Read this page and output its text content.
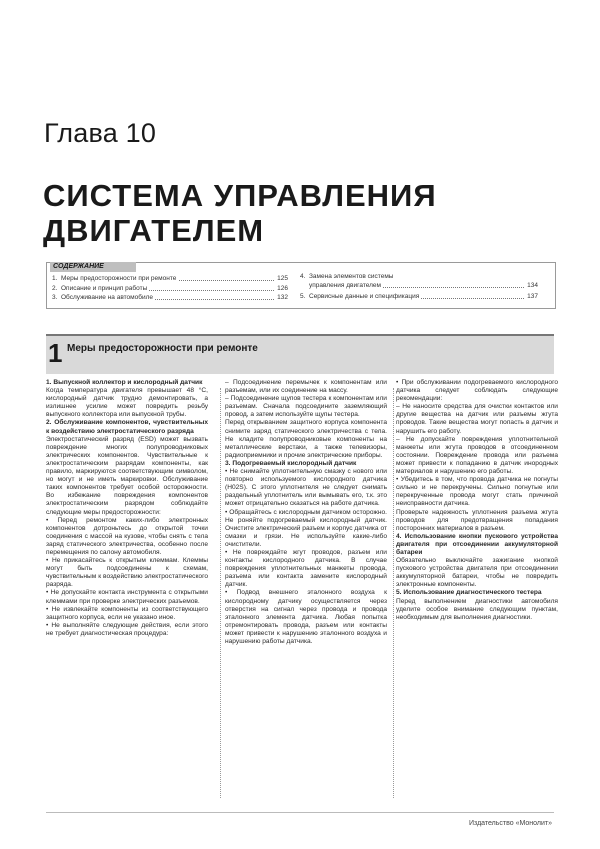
Глава 10
СИСТЕМА УПРАВЛЕНИЯ
ДВИГАТЕЛЕМ
СОДЕРЖАНИЕ
1. Меры предосторожности при ремонте	125
2. Описание и принцип работы	126
3. Обслуживание на автомобиле	132
4. Замена элементов системы
управления двигателем	134
5. Сервисные данные и спецификация	137
1 Меры предосторожности при ремонте

1. Выпускной коллектор и кислородный датчик

Когда температура двигателя превышает 48 °С, кислородный датчик трудно демонтировать, а излишнее усилие может повредить резьбу выпускного коллектора или выпускной трубы.

2. Обслуживание компонентов, чувствительных к воздействию электростатического разряда

Электростатический разряд (ESD) может вызвать повреждение многих полупроводниковых электрических компонентов. Чувствительные к электростатическим разрядам компоненты, как правило, маркируются соответствующим символом, но могут и не иметь маркировки. Обслуживание таких компонентов требует особой осторожности. Во избежание повреждения компонентов электростатическим разрядом соблюдайте следующие меры предосторожности:

• Перед ремонтом каких-либо электронных компонентов дотроньтесь до открытой точки соединения с массой на кузове, чтобы снять с тела заряд статического электричества, особенно после перемещения по салону автомобиля.

• Не прикасайтесь к открытым клеммам. Клеммы могут быть подсоединены к схемам, чувствительным к воздействию электростатического разряда.

• Не допускайте контакта инструмента с открытыми клеммами при проверке электрических разъемов.

• Не извлекайте компоненты из соответствующего защитного корпуса, если не указано иное.

• Не выполняйте следующие действия, если этого не требует диагностическая процедура:

– Подсоединение перемычек к компонентам или разъемам, или их соединение на массу.

– Подсоединение щупов тестера к компонентам или разъемам. Сначала подсоедините заземляющий провод, а затем используйте щупы тестера.

Перед открыванием защитного корпуса компонента снимите заряд статического электричества с тела. Не кладите полупроводниковые компоненты на металлические верстаки, а также телевизоры, радиоприемники и прочие электрические приборы.

3. Подогреваемый кислородный датчик

• Не снимайте уплотнительную смазку с нового или повторно используемого кислородного датчика (Н02S). С этого уплотнителя не следует снимать раздельный уплотнитель или вымывать его, т.к. это может отрицательно сказаться на работе датчика.

• Обращайтесь с кислородным датчиком осторожно. Не роняйте подогреваемый кислородный датчик. Очистите электрический разъем и корпус датчика от смазки и грязи. Не используйте какие-либо очистители.

• Не повреждайте жгут проводов, разъем или контакты кислородного датчика. В случае повреждения уплотнительных манжеты провода, разъема или контакта замените кислородный датчик.

• Подвод внешнего эталонного воздуха к кислородному датчику осуществляется через отверстия на сигнал через провода и провода эталонного элемента датчика. Любая попытка отремонтировать провода, разъем или контакты может привести к нарушению эталонного воздуха и нарушению работы датчика.

• При обслуживании подогреваемого кислородного датчика следует соблюдать следующие рекомендации:

– Не наносите средства для очистки контактов или другие вещества на датчик или разъемы жгута проводов. Такие вещества могут попасть в датчик и нарушить его работу.

– Не допускайте повреждения уплотнительной манжеты или жгута проводов в отсоединенном состоянии. Повреждение провода или разъема может привести к попаданию в датчик инородных материалов и нарушению его работы.

• Убедитесь в том, что провода датчика не погнуты сильно и не перекручены. Сильно погнутые или перекрученные провода могут стать причиной неисправности датчика.

Проверьте надежность уплотнения разъема жгута проводов для предотвращения попадания посторонних материалов в разъем.

4. Использование кнопки пускового устройства двигателя при отсоединении аккумуляторной батареи

Обязательно выключайте зажигание кнопкой пускового устройства двигателя при отсоединении аккумуляторной батареи, чтобы не повредить электронные компоненты.

5. Использование диагностического тестера

Перед выполнением диагностики автомобиля уделите особое внимание следующим пунктам, необходимым для выполнения диагностики.

Издательство «Монолит»
